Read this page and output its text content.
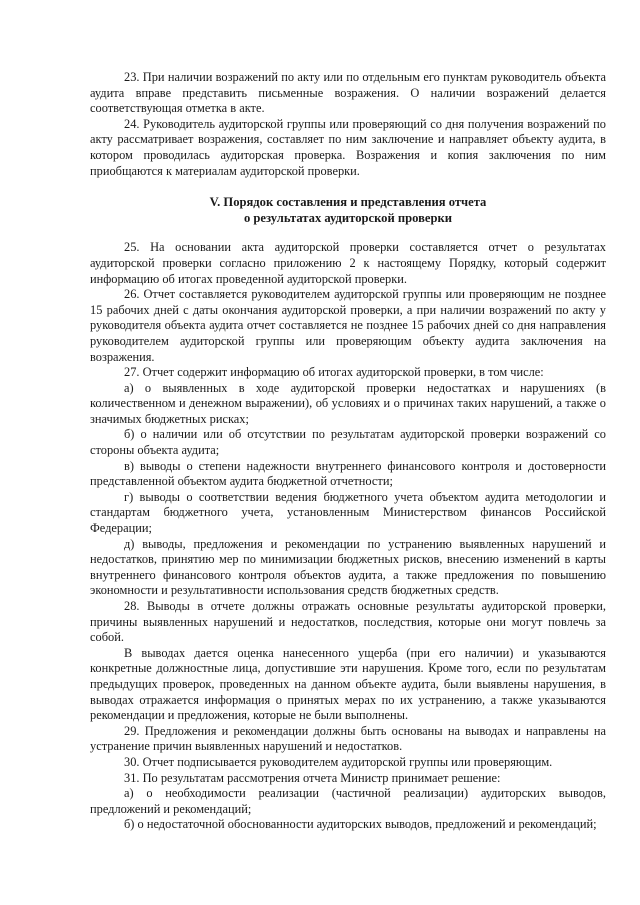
23. При наличии возражений по акту или по отдельным его пунктам руководитель объекта аудита вправе представить письменные возражения. О наличии возражений делается соответствующая отметка в акте.

24. Руководитель аудиторской группы или проверяющий со дня получения возражений по акту рассматривает возражения, составляет по ним заключение и направляет объекту аудита, в котором проводилась аудиторская проверка. Возражения и копия заключения по ним приобщаются к материалам аудиторской проверки.

V. Порядок составления и представления отчета
о результатах аудиторской проверки

25. На основании акта аудиторской проверки составляется отчет о результатах аудиторской проверки согласно приложению 2 к настоящему Порядку, который содержит информацию об итогах проведенной аудиторской проверки.

26. Отчет составляется руководителем аудиторской группы или проверяющим не позднее 15 рабочих дней с даты окончания аудиторской проверки, а при наличии возражений по акту у руководителя объекта аудита отчет составляется не позднее 15 рабочих дней со дня направления руководителем аудиторской группы или проверяющим объекту аудита заключения на возражения.

27. Отчет содержит информацию об итогах аудиторской проверки, в том числе:

а) о выявленных в ходе аудиторской проверки недостатках и нарушениях (в количественном и денежном выражении), об условиях и о причинах таких нарушений, а также о значимых бюджетных рисках;

б) о наличии или об отсутствии по результатам аудиторской проверки возражений со стороны объекта аудита;

в) выводы о степени надежности внутреннего финансового контроля и достоверности представленной объектом аудита бюджетной отчетности;

г) выводы о соответствии ведения бюджетного учета объектом аудита методологии и стандартам бюджетного учета, установленным Министерством финансов Российской Федерации;

д) выводы, предложения и рекомендации по устранению выявленных нарушений и недостатков, принятию мер по минимизации бюджетных рисков, внесению изменений в карты внутреннего финансового контроля объектов аудита, а также предложения по повышению экономности и результативности использования средств бюджетных средств.

28. Выводы в отчете должны отражать основные результаты аудиторской проверки, причины выявленных нарушений и недостатков, последствия, которые они могут повлечь за собой.

В выводах дается оценка нанесенного ущерба (при его наличии) и указываются конкретные должностные лица, допустившие эти нарушения. Кроме того, если по результатам предыдущих проверок, проведенных на данном объекте аудита, были выявлены нарушения, в выводах отражается информация о принятых мерах по их устранению, а также указываются рекомендации и предложения, которые не были выполнены.

29. Предложения и рекомендации должны быть основаны на выводах и направлены на устранение причин выявленных нарушений и недостатков.

30. Отчет подписывается руководителем аудиторской группы или проверяющим.

31. По результатам рассмотрения отчета Министр принимает решение:

а) о необходимости реализации (частичной реализации) аудиторских выводов, предложений и рекомендаций;

б) о недостаточной обоснованности аудиторских выводов, предложений и рекомендаций;
